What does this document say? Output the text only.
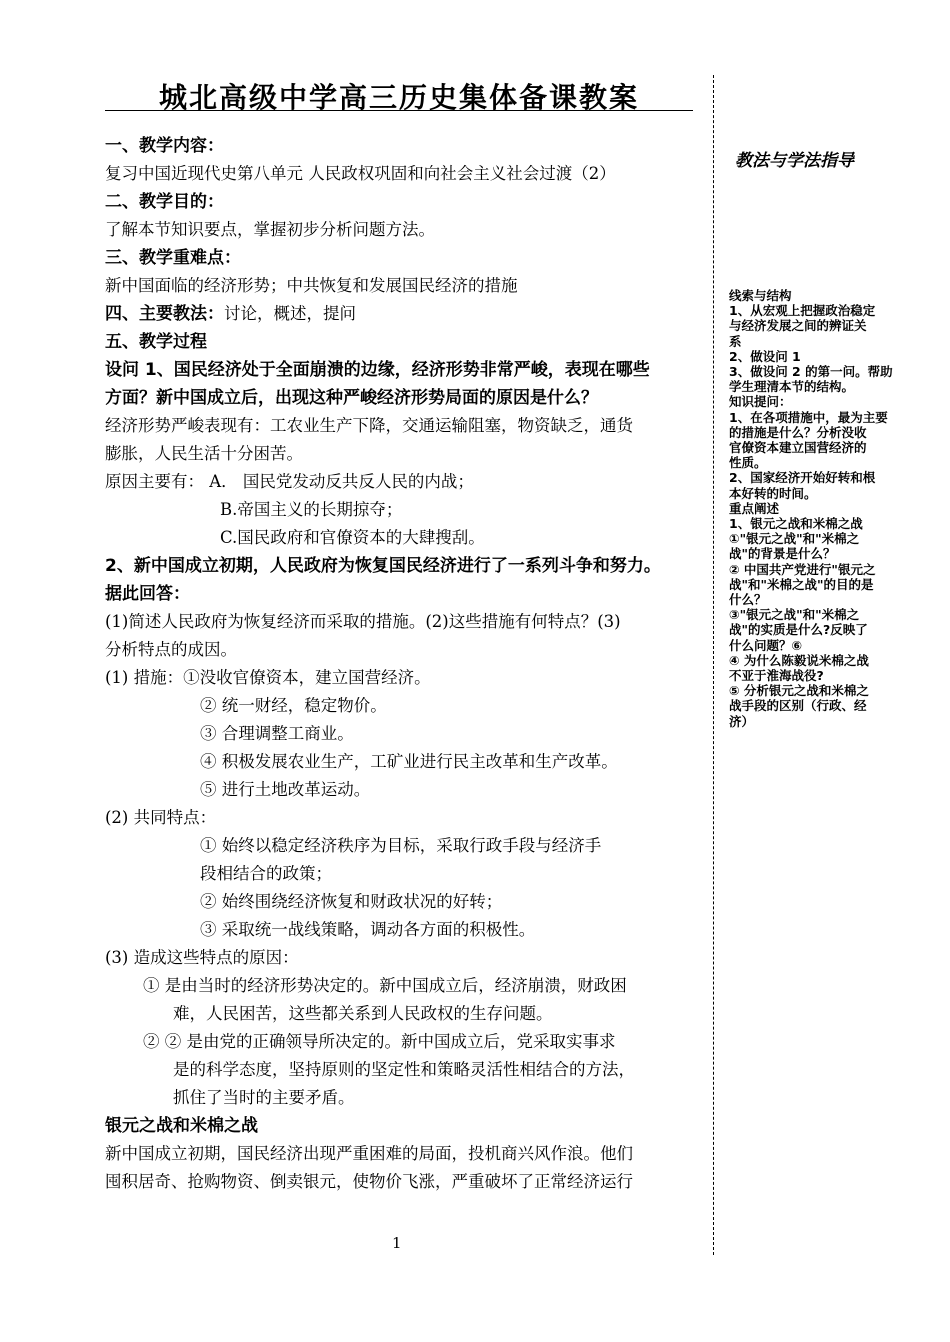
城北高级中学高三历史集体备课教案
一、教学内容：
复习中国近现代史第八单元 人民政权巩固和向社会主义社会过渡（2）
二、教学目的：
了解本节知识要点，掌握初步分析问题方法。
三、教学重难点：
新中国面临的经济形势；中共恢复和发展国民经济的措施
四、主要教法：讨论，概述，提问
五、教学过程
设问 1、国民经济处于全面崩溃的边缘，经济形势非常严峻，表现在哪些
方面？新中国成立后，出现这种严峻经济形势局面的原因是什么？
经济形势严峻表现有：工农业生产下降，交通运输阻塞，物资缺乏，通货
膨胀，人民生活十分困苦。
原因主要有： A． 国民党发动反共反人民的内战；
B.帝国主义的长期掠夺；
C.国民政府和官僚资本的大肆搜刮。
2、新中国成立初期，人民政府为恢复国民经济进行了一系列斗争和努力。
据此回答：
(1)简述人民政府为恢复经济而采取的措施。(2)这些措施有何特点？(3)
分析特点的成因。
(1) 措施：①没收官僚资本，建立国营经济。
② 统一财经，稳定物价。
③ 合理调整工商业。
④ 积极发展农业生产，工矿业进行民主改革和生产改革。
⑤ 进行土地改革运动。
(2) 共同特点：
① 始终以稳定经济秩序为目标，采取行政手段与经济手
段相结合的政策；
② 始终围绕经济恢复和财政状况的好转；
③ 采取统一战线策略，调动各方面的积极性。
(3) 造成这些特点的原因：
① 是由当时的经济形势决定的。新中国成立后，经济崩溃，财政困
难，人民困苦，这些都关系到人民政权的生存问题。
② ② 是由党的正确领导所决定的。新中国成立后，党采取实事求
是的科学态度，坚持原则的坚定性和策略灵活性相结合的方法，
抓住了当时的主要矛盾。
银元之战和米棉之战
新中国成立初期，国民经济出现严重困难的局面，投机商兴风作浪。他们
囤积居奇、抢购物资、倒卖银元，使物价飞涨，严重破坏了正常经济运行
教法与学法指导
线索与结构
1、从宏观上把握政治稳定
与经济发展之间的辨证关
系
2、做设问 1
3、做设问 2 的第一问。帮助
学生理清本节的结构。
知识提问：
1、在各项措施中，最为主要
的措施是什么？分析没收
官僚资本建立国营经济的
性质。
2、国家经济开始好转和根
本好转的时间。
重点阐述
1、银元之战和米棉之战
①"银元之战"和"米棉之
战"的背景是什么？
② 中国共产党进行"银元之
战"和"米棉之战"的目的是
什么？
③"银元之战"和"米棉之
战"的实质是什么?反映了
什么问题？⑥
④ 为什么陈毅说米棉之战
不亚于淮海战役?
⑤ 分析银元之战和米棉之
战手段的区别（行政、经
济）
1
